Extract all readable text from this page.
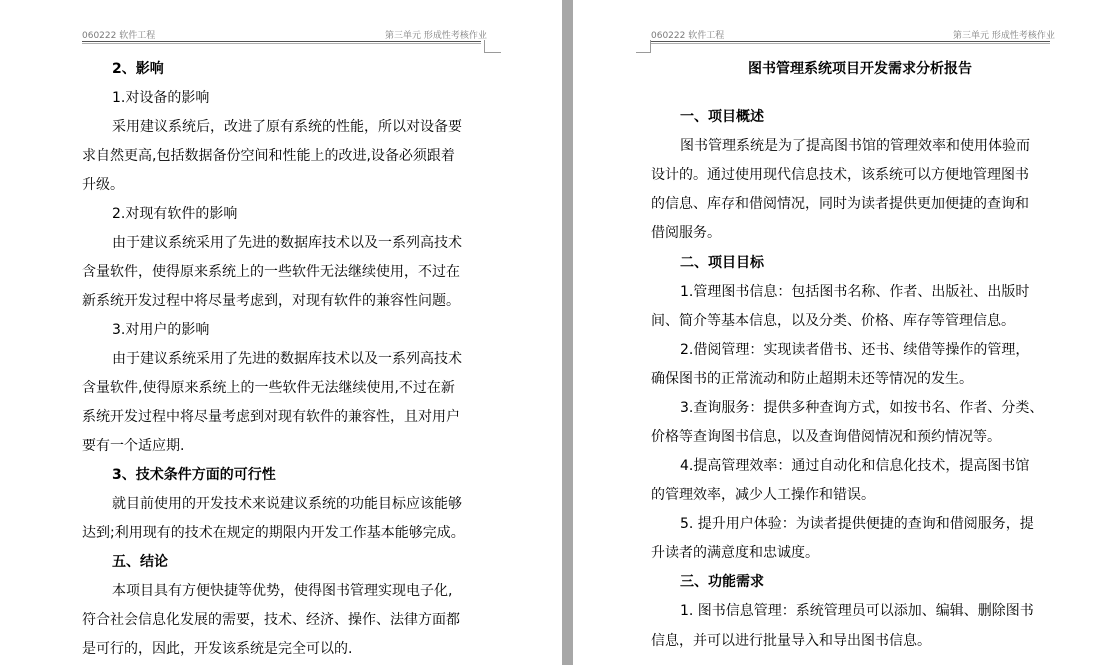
060222 软件工程	第三单元 形成性考核作业
2、影响
1.对设备的影响
采用建议系统后，改进了原有系统的性能，所以对设备要
求自然更高,包括数据备份空间和性能上的改进,设备必须跟着
升级。
2.对现有软件的影响
由于建议系统采用了先进的数据库技术以及一系列高技术
含量软件，使得原来系统上的一些软件无法继续使用，不过在
新系统开发过程中将尽量考虑到，对现有软件的兼容性问题。
3.对用户的影响
由于建议系统采用了先进的数据库技术以及一系列高技术
含量软件,使得原来系统上的一些软件无法继续使用,不过在新
系统开发过程中将尽量考虑到对现有软件的兼容性，且对用户
要有一个适应期.
3、技术条件方面的可行性
就目前使用的开发技术来说建议系统的功能目标应该能够
达到;利用现有的技术在规定的期限内开发工作基本能够完成。
五、结论
本项目具有方便快捷等优势，使得图书管理实现电子化,
符合社会信息化发展的需要，技术、经济、操作、法律方面都
是可行的，因此，开发该系统是完全可以的.
060222 软件工程	第三单元 形成性考核作业
图书管理系统项目开发需求分析报告
一、项目概述
图书管理系统是为了提高图书馆的管理效率和使用体验而
设计的。通过使用现代信息技术，该系统可以方便地管理图书
的信息、库存和借阅情况，同时为读者提供更加便捷的查询和
借阅服务。
二、项目目标
1.管理图书信息：包括图书名称、作者、出版社、出版时
间、简介等基本信息，以及分类、价格、库存等管理信息。
2.借阅管理：实现读者借书、还书、续借等操作的管理，
确保图书的正常流动和防止超期未还等情况的发生。
3.查询服务：提供多种查询方式，如按书名、作者、分类、
价格等查询图书信息，以及查询借阅情况和预约情况等。
4.提高管理效率：通过自动化和信息化技术，提高图书馆
的管理效率，减少人工操作和错误。
5. 提升用户体验：为读者提供便捷的查询和借阅服务，提
升读者的满意度和忠诚度。
三、功能需求
1. 图书信息管理：系统管理员可以添加、编辑、删除图书
信息，并可以进行批量导入和导出图书信息。
